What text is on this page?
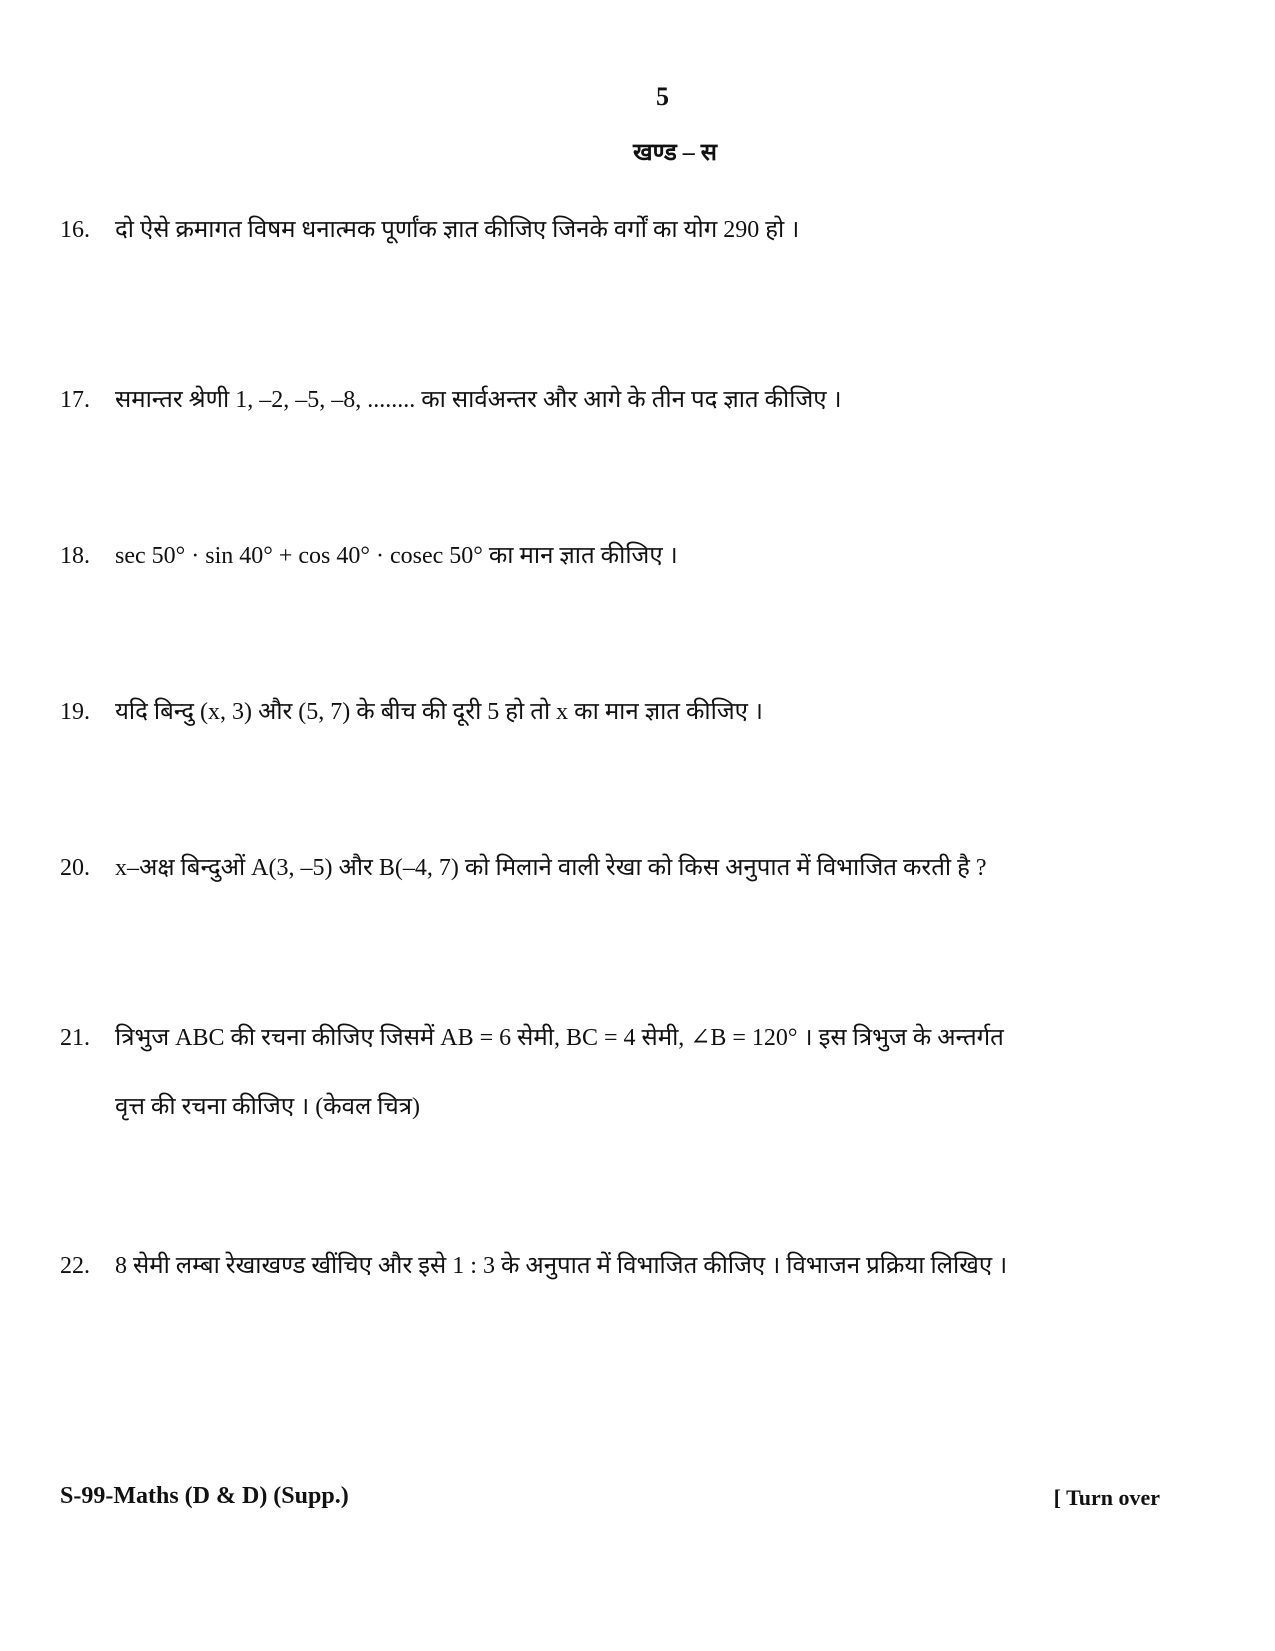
5
खण्ड – स
16. दो ऐसे क्रमागत विषम धनात्मक पूर्णांक ज्ञात कीजिए जिनके वर्गों का योग 290 हो ।
17. समान्तर श्रेणी 1, –2, –5, –8, ........ का सार्वअन्तर और आगे के तीन पद ज्ञात कीजिए ।
18. sec 50° · sin 40° + cos 40° · cosec 50° का मान ज्ञात कीजिए ।
19. यदि बिन्दु (x, 3) और (5, 7) के बीच की दूरी 5 हो तो x का मान ज्ञात कीजिए ।
20. x–अक्ष बिन्दुओं A(3, –5) और B(–4, 7) को मिलाने वाली रेखा को किस अनुपात में विभाजित करती है ?
21. त्रिभुज ABC की रचना कीजिए जिसमें AB = 6 सेमी, BC = 4 सेमी, ∠B = 120° । इस त्रिभुज के अन्तर्गत
वृत्त की रचना कीजिए । (केवल चित्र)
22. 8 सेमी लम्बा रेखाखण्ड खींचिए और इसे 1 : 3 के अनुपात में विभाजित कीजिए । विभाजन प्रक्रिया लिखिए ।
S-99-Maths (D & D) (Supp.)	[ Turn over
